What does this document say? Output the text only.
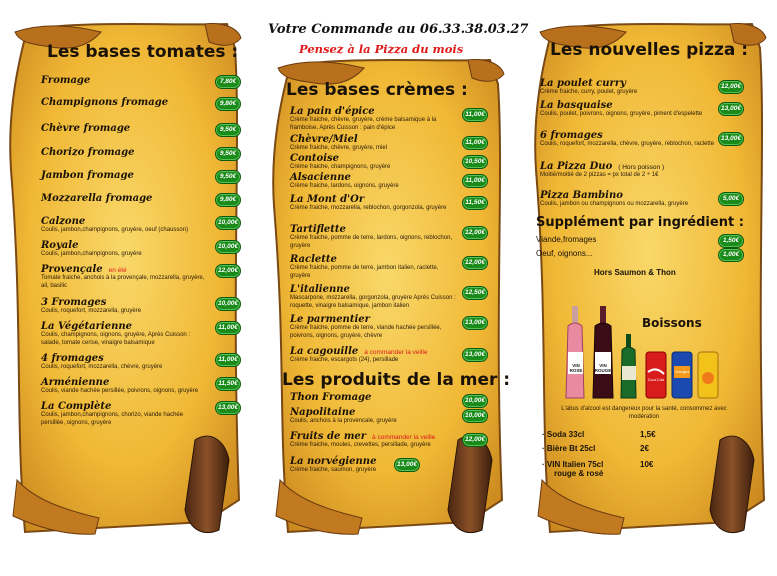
Votre Commande au 06.33.38.03.27
Pensez à la Pizza du mois
Les bases tomates :
Fromage	7,80€
Champignons fromage	9,80€
Chèvre fromage	9,50€
Chorizo fromage	9,50€
Jambon fromage	9,50€
Mozzarella fromage	9,80€
Calzone
Coulis, jambon,champignons, gruyère, oeuf (chausson)
10,00€
Royale
Coulis, jambon,champignons, gruyère
10,00€
Provençale en été
Tomate fraiche, anchois à la provençale, mozzarella, gruyère, ail, basilic
12,00€
3 Fromages
Coulis, roquefort, mozzarella, gruyère
10,00€
La Végétarienne
Coulis, champignons, oignons, gruyère, Après Cuisson : salade, tomate cerise, vinaigre balsamique
11,00€
4 fromages
Coulis, roquefort, mozzarella, chèvre, gruyère
11,00€
Arménienne
Coulis, viande hachée persillée, poivrons, oignons, gruyère
11,50€
La Complète
Coulis, jambon,champignons, chorizo, viande hachée persillée, oignons, gruyère
13,00€
Les bases crèmes :
La pain d'épice
Crème fraiche, chèvre, gruyère, crème balsamique à la framboise, Après Cuisson : pain d'épice
11,00€
Chèvre/Miel
Crème fraiche, chèvre, gruyère, miel
11,00€
Contoise
Crème fraiche, champignons, gruyère
10,50€
Alsacienne
Crème fraiche, lardons, oignons, gruyère
11,00€
La Mont d'Or
Crème fraiche, mozzarella, reblochon, gorgonzola, gruyère
11,50€
Tartiflette
Crème fraiche, pomme de terre, lardons, oignons, reblochon, gruyère
12,00€
Raclette
Crème fraiche, pomme de terre, jambon italien, raclette, gruyère
12,00€
L'italienne
Mascarpone, mozzarella, gorgonzola, gruyère Après Cuisson : roquette, vinaigre balsamique, jambon italien
12,50€
Le parmentier
Crème fraiche, pomme de terre, viande hachée persillée, poivrons, oignons, gruyère, chèvre
13,00€
La cagouille à commander la veille
Crème fraiche, escargots (24), persillade
13,00€
Les produits de la mer :
Thon Fromage	10,00€
Napolitaine
Coulis, anchois à la provencale, gruyère
10,00€
Fruits de mer à commander la veille
Crème fraiche, moules, crevettes, persillade, gruyère
12,00€
La norvégienne
Crème fraiche, saumon, gruyère
13,00€
Les nouvelles pizza :
La poulet curry
Crème fraiche, curry, poulet, gruyère
12,00€
La basquaise
Coulis, poulet, poivrons, oignons, gruyère, piment d'espelette
13,00€
6 fromages
Coulis, roquefort, mozzarella, chèvre, gruyère, reblochon, raclette
13,00€
La Pizza Duo ( Hors poisson )
Moitié/moitié de 2 pizzas = px total de 2 ÷ 1€
Pizza Bambino
Coulis, jambon ou champignons ou mozzarella, gruyère
5,00€
Supplément par ingrédient :
Viande,fromages	1,50€
Oeuf, oignons...	1,00€
Hors Saumon & Thon
Boissons
VIN ROSE
VIN ROUGE
Coca-Cola
Orangina
L'abus d'alcool est dangereux pour la santé, consommez avec modération
· Soda 33cl	1,5€
· Bière Bt 25cl	2€
· VIN Italien 75cl
rouge & rosé
10€
